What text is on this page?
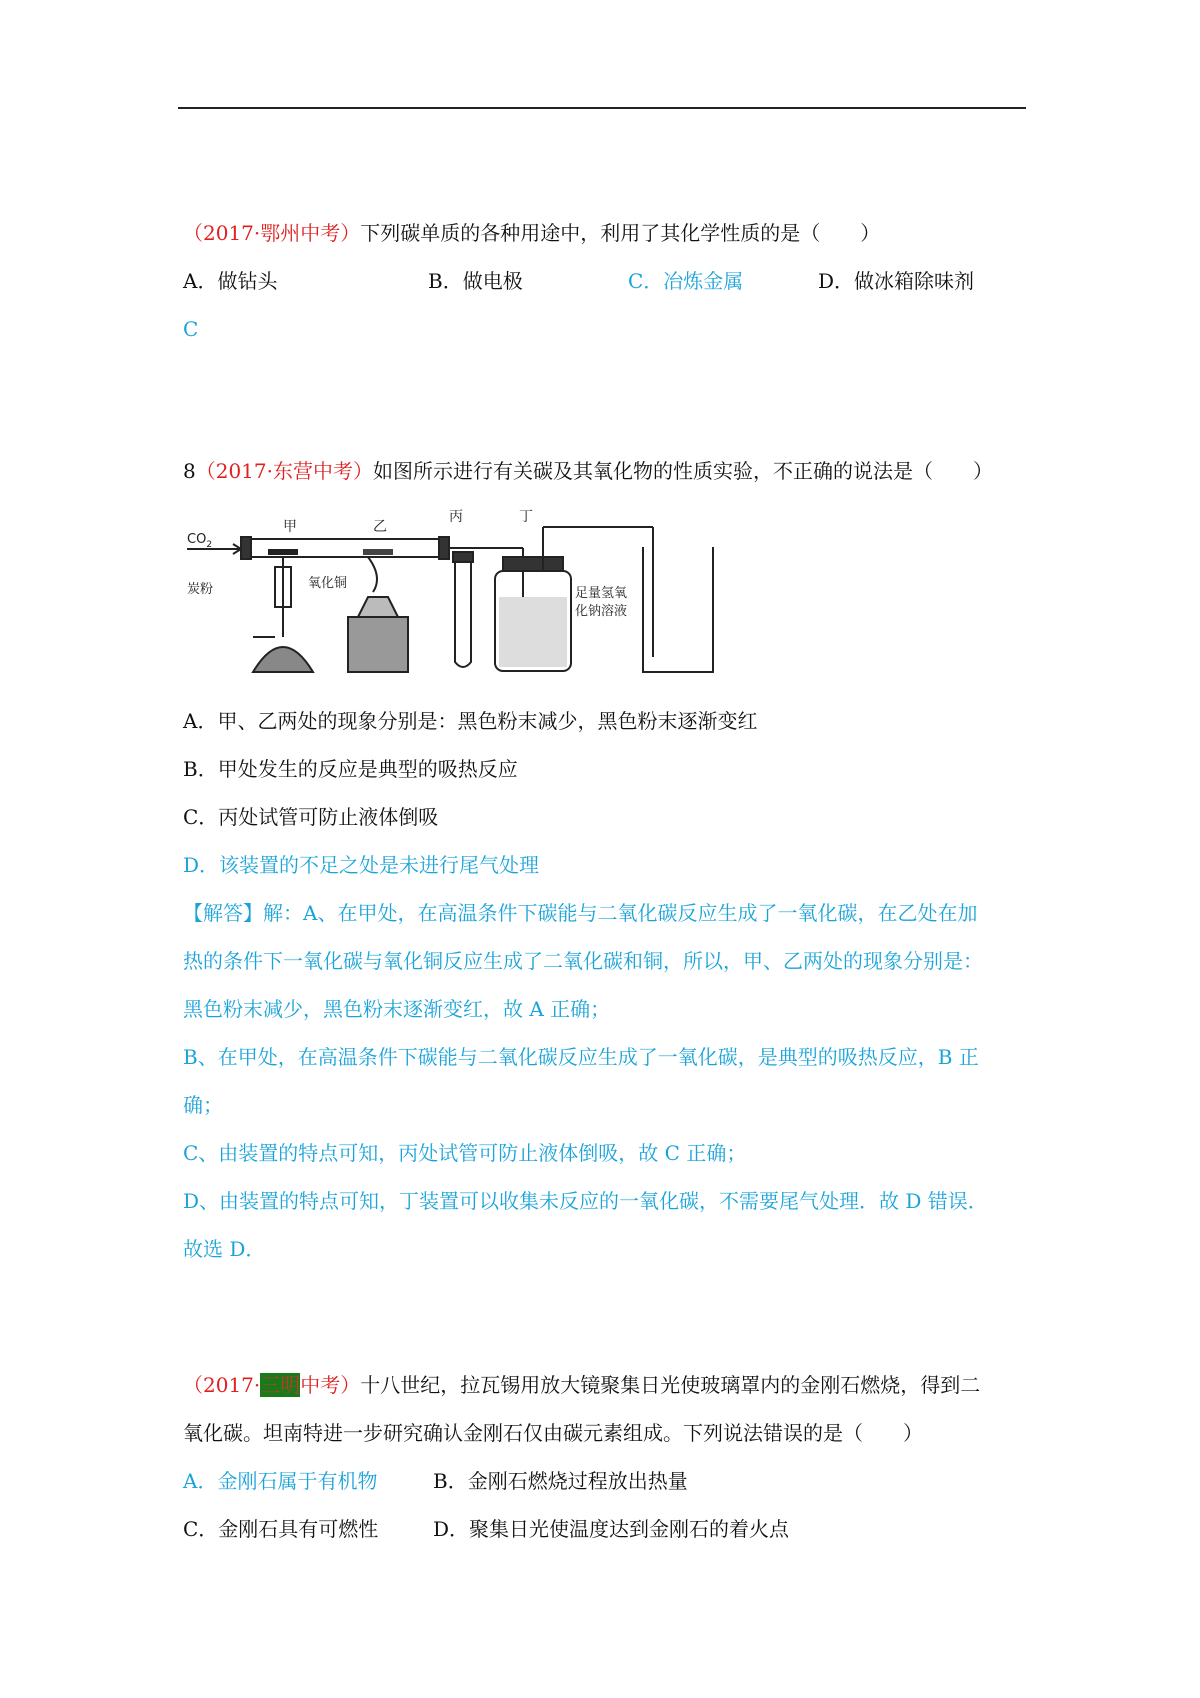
（2017·鄂州中考）下列碳单质的各种用途中，利用了其化学性质的是（　　）
A．做钻头	B．做电极	C．冶炼金属	D．做冰箱除味剂
C
8（2017·东营中考）如图所示进行有关碳及其氧化物的性质实验，不正确的说法是（　　）
$CO_2$
甲	乙
炭粉	氧化铜
丙	丁
足量氢氧
化钠溶液
A．甲、乙两处的现象分别是：黑色粉末减少，黑色粉末逐渐变红
B．甲处发生的反应是典型的吸热反应
C．丙处试管可防止液体倒吸
D．该装置的不足之处是未进行尾气处理
【解答】解：A、在甲处，在高温条件下碳能与二氧化碳反应生成了一氧化碳，在乙处在加
热的条件下一氧化碳与氧化铜反应生成了二氧化碳和铜，所以，甲、乙两处的现象分别是：
黑色粉末减少，黑色粉末逐渐变红，故 A 正确；
B、在甲处，在高温条件下碳能与二氧化碳反应生成了一氧化碳，是典型的吸热反应，B 正
确；
C、由装置的特点可知，丙处试管可防止液体倒吸，故 C 正确；
D、由装置的特点可知，丁装置可以收集未反应的一氧化碳，不需要尾气处理．故 D 错误．
故选 D．
（2017·三明中考）十八世纪，拉瓦锡用放大镜聚集日光使玻璃罩内的金刚石燃烧，得到二
氧化碳。坦南特进一步研究确认金刚石仅由碳元素组成。下列说法错误的是（　　）
A．金刚石属于有机物	B．金刚石燃烧过程放出热量
C．金刚石具有可燃性	D．聚集日光使温度达到金刚石的着火点
